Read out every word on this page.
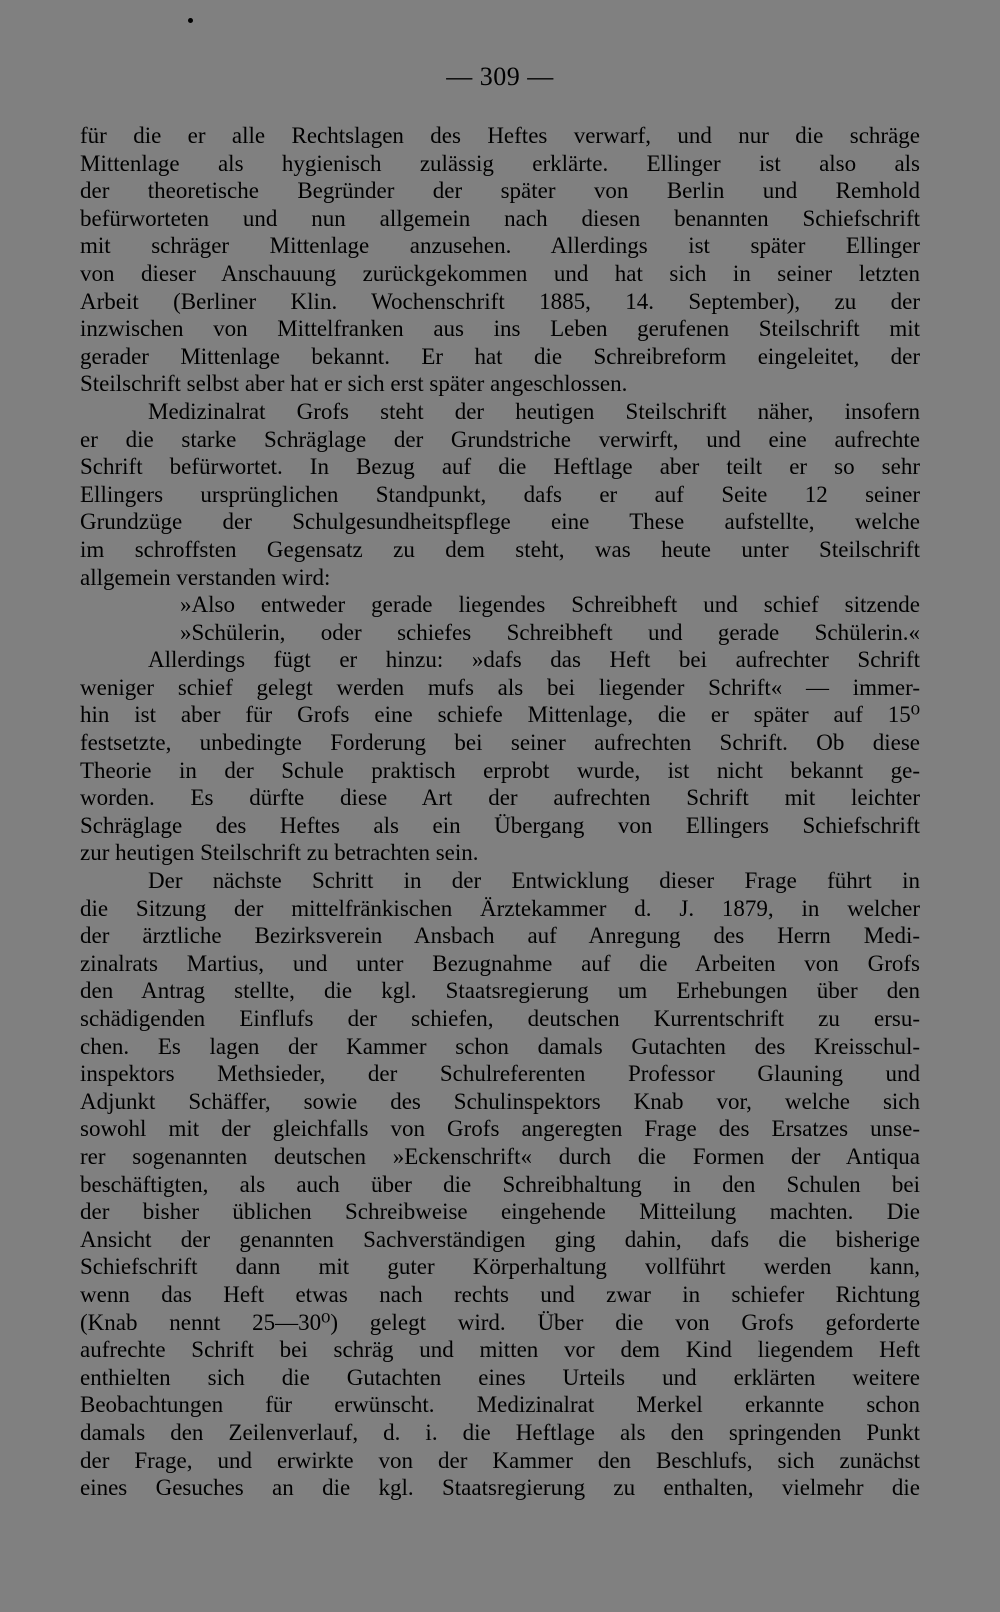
— 309 —
für die er alle Rechtslagen des Heftes verwarf, und nur die schräge
Mittenlage als hygienisch zulässig erklärte. Ellinger ist also als
der theoretische Begründer der später von Berlin und Remhold
befürworteten und nun allgemein nach diesen benannten Schiefschrift
mit schräger Mittenlage anzusehen. Allerdings ist später Ellinger
von dieser Anschauung zurückgekommen und hat sich in seiner letzten
Arbeit (Berliner Klin. Wochenschrift 1885, 14. September), zu der
inzwischen von Mittelfranken aus ins Leben gerufenen Steilschrift mit
gerader Mittenlage bekannt. Er hat die Schreibreform eingeleitet, der
Steilschrift selbst aber hat er sich erst später angeschlossen.
Medizinalrat Grofs steht der heutigen Steilschrift näher, insofern
er die starke Schräglage der Grundstriche verwirft, und eine aufrechte
Schrift befürwortet. In Bezug auf die Heftlage aber teilt er so sehr
Ellingers ursprünglichen Standpunkt, dafs er auf Seite 12 seiner
Grundzüge der Schulgesundheitspflege eine These aufstellte, welche
im schroffsten Gegensatz zu dem steht, was heute unter Steilschrift
allgemein verstanden wird:
»Also entweder gerade liegendes Schreibheft und schief sitzende
»Schülerin, oder schiefes Schreibheft und gerade Schülerin.«
Allerdings fügt er hinzu: »dafs das Heft bei aufrechter Schrift
weniger schief gelegt werden mufs als bei liegender Schrift« — immer-
hin ist aber für Grofs eine schiefe Mittenlage, die er später auf 15⁰
festsetzte, unbedingte Forderung bei seiner aufrechten Schrift. Ob diese
Theorie in der Schule praktisch erprobt wurde, ist nicht bekannt ge-
worden. Es dürfte diese Art der aufrechten Schrift mit leichter
Schräglage des Heftes als ein Übergang von Ellingers Schiefschrift
zur heutigen Steilschrift zu betrachten sein.
Der nächste Schritt in der Entwicklung dieser Frage führt in
die Sitzung der mittelfränkischen Ärztekammer d. J. 1879, in welcher
der ärztliche Bezirksverein Ansbach auf Anregung des Herrn Medi-
zinalrats Martius, und unter Bezugnahme auf die Arbeiten von Grofs
den Antrag stellte, die kgl. Staatsregierung um Erhebungen über den
schädigenden Einflufs der schiefen, deutschen Kurrentschrift zu ersu-
chen. Es lagen der Kammer schon damals Gutachten des Kreisschul-
inspektors Methsieder, der Schulreferenten Professor Glauning und
Adjunkt Schäffer, sowie des Schulinspektors Knab vor, welche sich
sowohl mit der gleichfalls von Grofs angeregten Frage des Ersatzes unse-
rer sogenannten deutschen »Eckenschrift« durch die Formen der Antiqua
beschäftigten, als auch über die Schreibhaltung in den Schulen bei
der bisher üblichen Schreibweise eingehende Mitteilung machten. Die
Ansicht der genannten Sachverständigen ging dahin, dafs die bisherige
Schiefschrift dann mit guter Körperhaltung vollführt werden kann,
wenn das Heft etwas nach rechts und zwar in schiefer Richtung
(Knab nennt 25—30⁰) gelegt wird. Über die von Grofs geforderte
aufrechte Schrift bei schräg und mitten vor dem Kind liegendem Heft
enthielten sich die Gutachten eines Urteils und erklärten weitere
Beobachtungen für erwünscht. Medizinalrat Merkel erkannte schon
damals den Zeilenverlauf, d. i. die Heftlage als den springenden Punkt
der Frage, und erwirkte von der Kammer den Beschlufs, sich zunächst
eines Gesuches an die kgl. Staatsregierung zu enthalten, vielmehr die
